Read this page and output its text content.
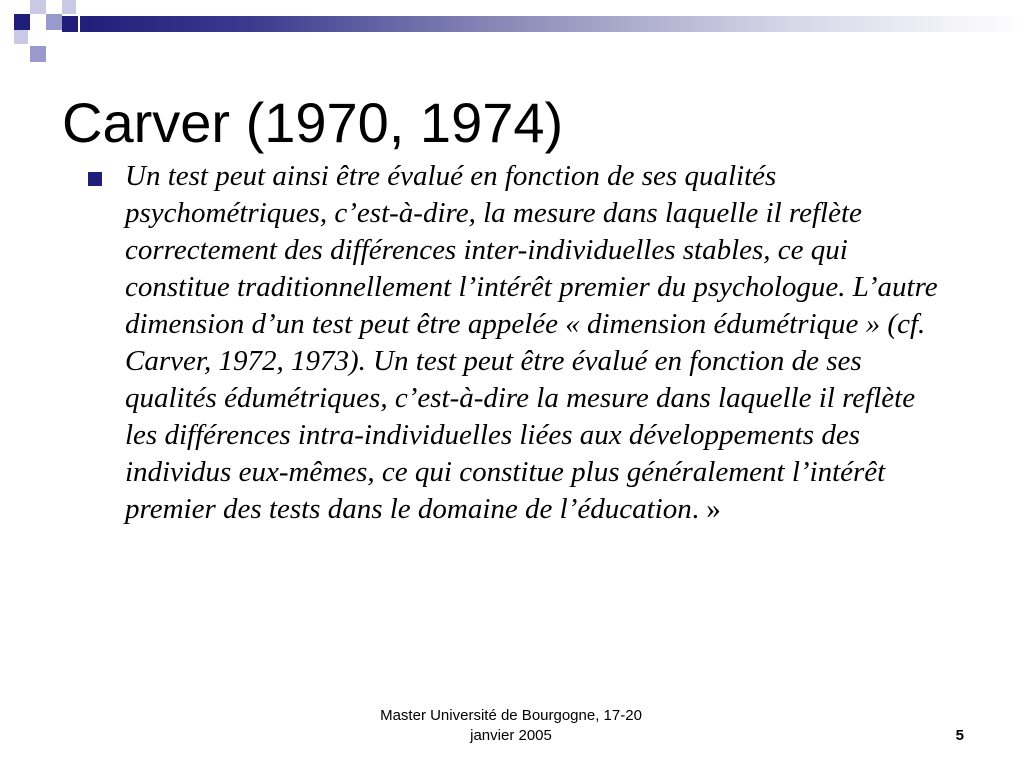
Carver (1970, 1974)

Un test peut ainsi être évalué en fonction de ses qualités psychométriques, c’est-à-dire, la mesure dans laquelle il reflète correctement des différences inter-individuelles stables, ce qui constitue traditionnellement l’intérêt premier du psychologue. L’autre dimension d’un test peut être appelée « dimension édumétrique » (cf. Carver, 1972, 1973). Un test peut être évalué en fonction de ses qualités édumétriques, c’est-à-dire la mesure dans laquelle il reflète les différences intra-individuelles liées aux développements des individus eux-mêmes, ce qui constitue plus généralement l’intérêt premier des tests dans le domaine de l’éducation. »

Master Université de Bourgogne, 17-20
janvier 2005	5
